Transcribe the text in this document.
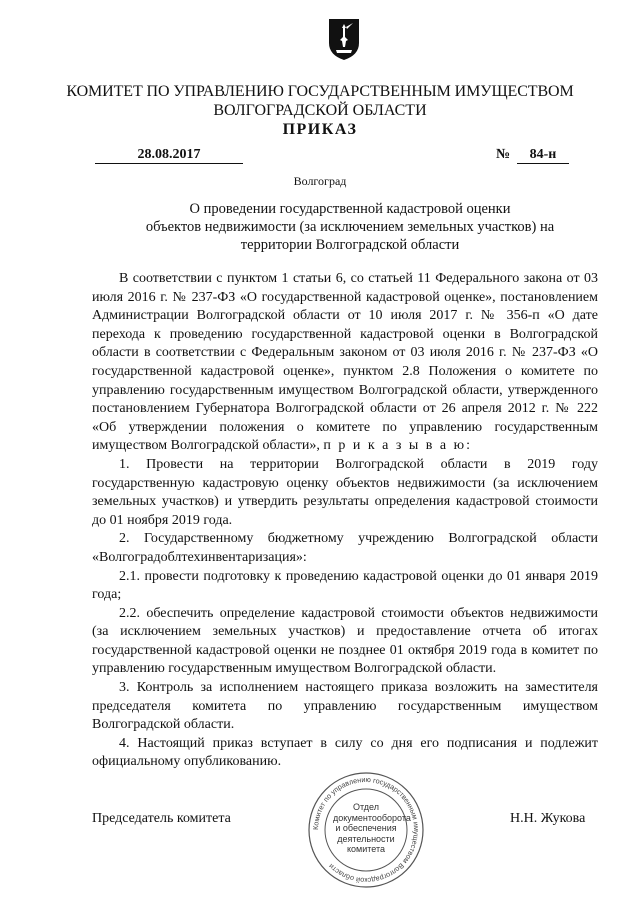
КОМИТЕТ ПО УПРАВЛЕНИЮ ГОСУДАРСТВЕННЫМ ИМУЩЕСТВОМ
ВОЛГОГРАДСКОЙ ОБЛАСТИ
ПРИКАЗ
28.08.2017	№	84-н
Волгоград
О проведении государственной кадастровой оценки
объектов недвижимости (за исключением земельных участков) на
территории Волгоградской области

В соответствии с пунктом 1 статьи 6, со статьей 11 Федерального закона от 03 июля 2016 г. № 237-ФЗ «О государственной кадастровой оценке», постановлением Администрации Волгоградской области от 10 июля 2017 г. № 356-п «О дате перехода к проведению государственной кадастровой оценки в Волгоградской области в соответствии с Федеральным законом от 03 июля 2016 г. № 237-ФЗ «О государственной кадастровой оценке», пунктом 2.8 Положения о комитете по управлению государственным имуществом Волгоградской области, утвержденного постановлением Губернатора Волгоградской области от 26 апреля 2012 г. № 222 «Об утверждении положения о комитете по управлению государственным имуществом Волгоградской области», п р и к а з ы в а ю:

1. Провести на территории Волгоградской области в 2019 году государственную кадастровую оценку объектов недвижимости (за исключением земельных участков) и утвердить результаты определения кадастровой стоимости до 01 ноября 2019 года.

2. Государственному бюджетному учреждению Волгоградской области «Волгоградоблтехинвентаризация»:

2.1. провести подготовку к проведению кадастровой оценки до 01 января 2019 года;

2.2. обеспечить определение кадастровой стоимости объектов недвижимости (за исключением земельных участков) и предоставление отчета об итогах государственной кадастровой оценки не позднее 01 октября 2019 года в комитет по управлению государственным имуществом Волгоградской области.

3. Контроль за исполнением настоящего приказа возложить на заместителя председателя комитета по управлению государственным имуществом Волгоградской области.

4. Настоящий приказ вступает в силу со дня его подписания и подлежит официальному опубликованию.

Председатель комитета	Н.Н. Жукова
Комитет по управлению государственным имуществом Волгоградской области
Отдел
документооборота
и обеспечения
деятельности
комитета
